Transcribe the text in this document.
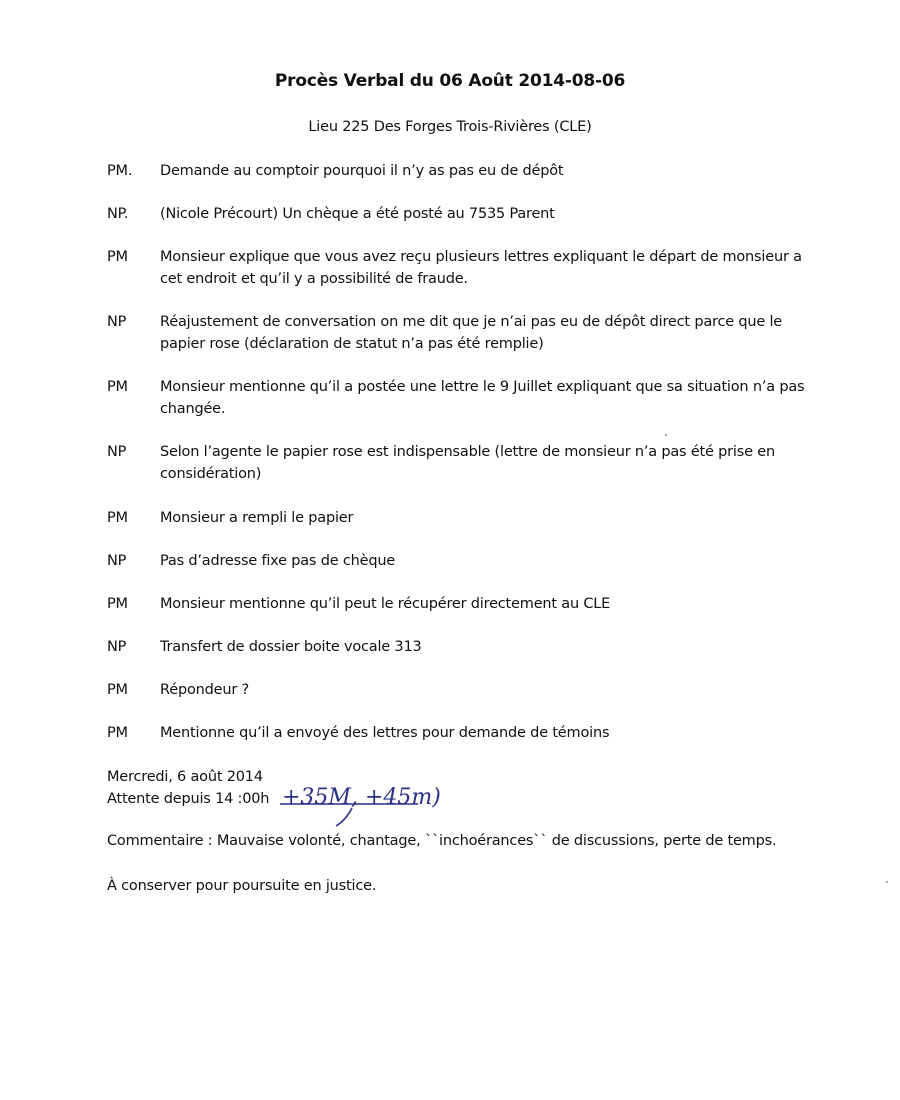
Procès Verbal du 06 Août 2014-08-06
Lieu 225 Des Forges Trois-Rivières (CLE)
PM. Demande au comptoir pourquoi il n’y as pas eu de dépôt
NP. (Nicole Précourt) Un chèque a été posté au 7535 Parent
PM Monsieur explique que vous avez reçu plusieurs lettres expliquant le départ de monsieur a cet endroit et qu’il y a possibilité de fraude.
NP Réajustement de conversation on me dit que je n’ai pas eu de dépôt direct parce que le papier rose (déclaration de statut n’a pas été remplie)
PM Monsieur mentionne qu’il a postée une lettre le 9 Juillet expliquant que sa situation n’a pas changée.
NP Selon l’agente le papier rose est indispensable (lettre de monsieur n’a pas été prise en considération)
PM Monsieur a rempli le papier
NP Pas d’adresse fixe pas de chèque
PM Monsieur mentionne qu’il peut le récupérer directement au CLE
NP Transfert de dossier boite vocale 313
PM Répondeur ?
PM Mentionne qu’il a envoyé des lettres pour demande de témoins
Mercredi, 6 août 2014
Attente depuis 14 :00h +35M, +45m)
Commentaire : Mauvaise volonté, chantage, ``inchoérances`` de discussions, perte de temps.
À conserver pour poursuite en justice.
